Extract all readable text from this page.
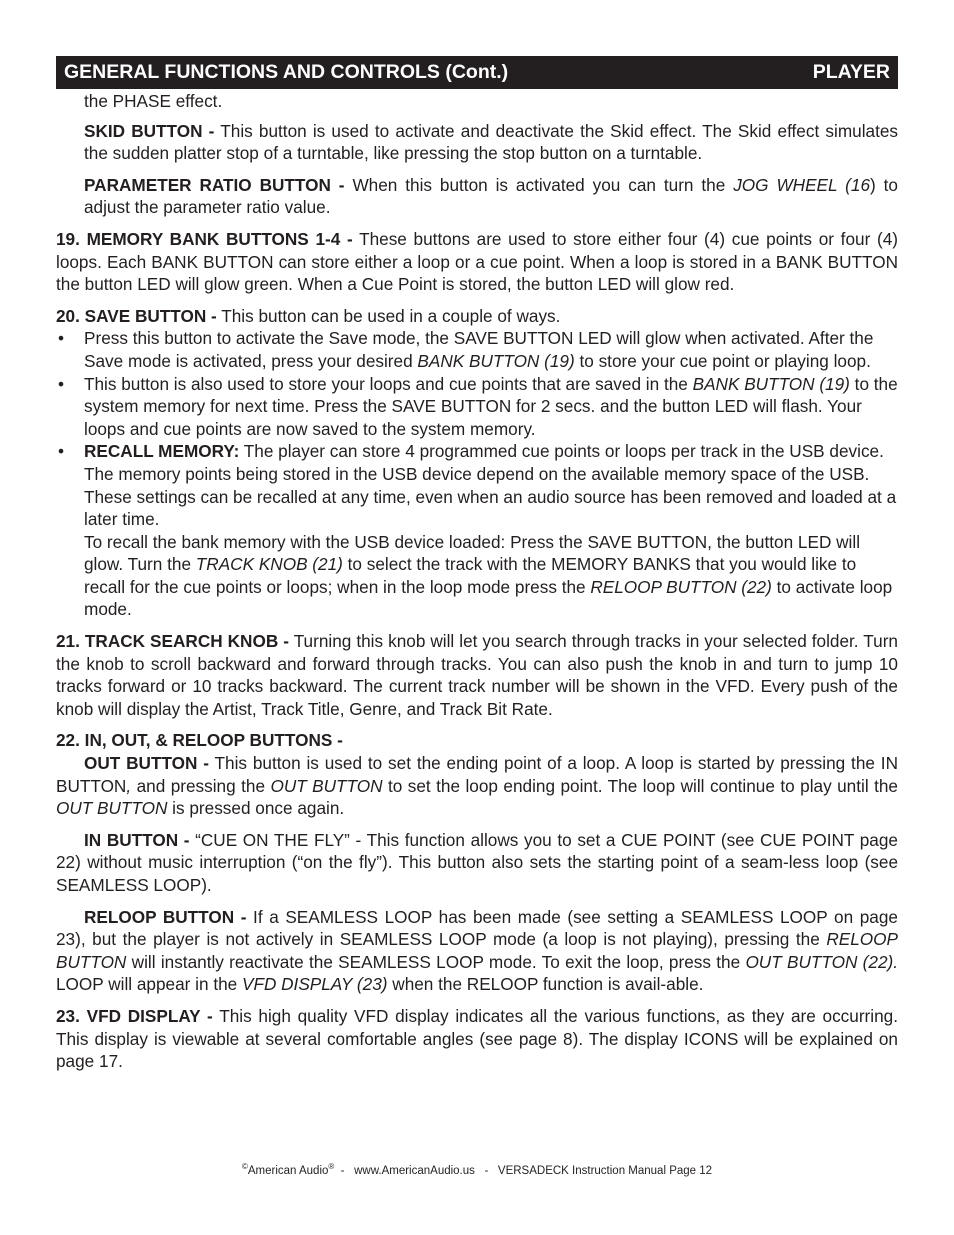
GENERAL FUNCTIONS AND CONTROLS (Cont.)	PLAYER

the PHASE effect.

SKID BUTTON - This button is used to activate and deactivate the Skid effect. The Skid effect simulates the sudden platter stop of a turntable, like pressing the stop button on a turntable.

PARAMETER RATIO BUTTON - When this button is activated you can turn the JOG WHEEL (16) to adjust the parameter ratio value.

19. MEMORY BANK BUTTONS 1-4 - These buttons are used to store either four (4) cue points or four (4) loops. Each BANK BUTTON can store either a loop or a cue point. When a loop is stored in a BANK BUTTON the button LED will glow green. When a Cue Point is stored, the button LED will glow red.

20. SAVE BUTTON - This button can be used in a couple of ways.

• Press this button to activate the Save mode, the SAVE BUTTON LED will glow when activated. After the Save mode is activated, press your desired BANK BUTTON (19) to store your cue point or playing loop.
• This button is also used to store your loops and cue points that are saved in the BANK BUTTON (19) to the system memory for next time. Press the SAVE BUTTON for 2 secs. and the button LED will flash. Your loops and cue points are now saved to the system memory.
• RECALL MEMORY: The player can store 4 programmed cue points or loops per track in the USB device. The memory points being stored in the USB device depend on the available memory space of the USB. These settings can be recalled at any time, even when an audio source has been removed and loaded at a later time.

To recall the bank memory with the USB device loaded: Press the SAVE BUTTON, the button LED will glow. Turn the TRACK KNOB (21) to select the track with the MEMORY BANKS that you would like to recall for the cue points or loops; when in the loop mode press the RELOOP BUTTON (22) to activate loop mode.

21. TRACK SEARCH KNOB - Turning this knob will let you search through tracks in your selected folder. Turn the knob to scroll backward and forward through tracks. You can also push the knob in and turn to jump 10 tracks forward or 10 tracks backward. The current track number will be shown in the VFD. Every push of the knob will display the Artist, Track Title, Genre, and Track Bit Rate.

22. IN, OUT, & RELOOP BUTTONS -

OUT BUTTON - This button is used to set the ending point of a loop. A loop is started by pressing the IN BUTTON, and pressing the OUT BUTTON to set the loop ending point. The loop will continue to play until the OUT BUTTON is pressed once again.

IN BUTTON - “CUE ON THE FLY” - This function allows you to set a CUE POINT (see CUE POINT page 22) without music interruption (“on the fly”). This button also sets the starting point of a seam-less loop (see SEAMLESS LOOP).

RELOOP BUTTON - If a SEAMLESS LOOP has been made (see setting a SEAMLESS LOOP on page 23), but the player is not actively in SEAMLESS LOOP mode (a loop is not playing), pressing the RELOOP BUTTON will instantly reactivate the SEAMLESS LOOP mode. To exit the loop, press the OUT BUTTON (22). LOOP will appear in the VFD DISPLAY (23) when the RELOOP function is avail-able.

23. VFD DISPLAY - This high quality VFD display indicates all the various functions, as they are occurring. This display is viewable at several comfortable angles (see page 8). The display ICONS will be explained on page 17.

©American Audio®  -   www.AmericanAudio.us   -   VERSADECK Instruction Manual Page 12
